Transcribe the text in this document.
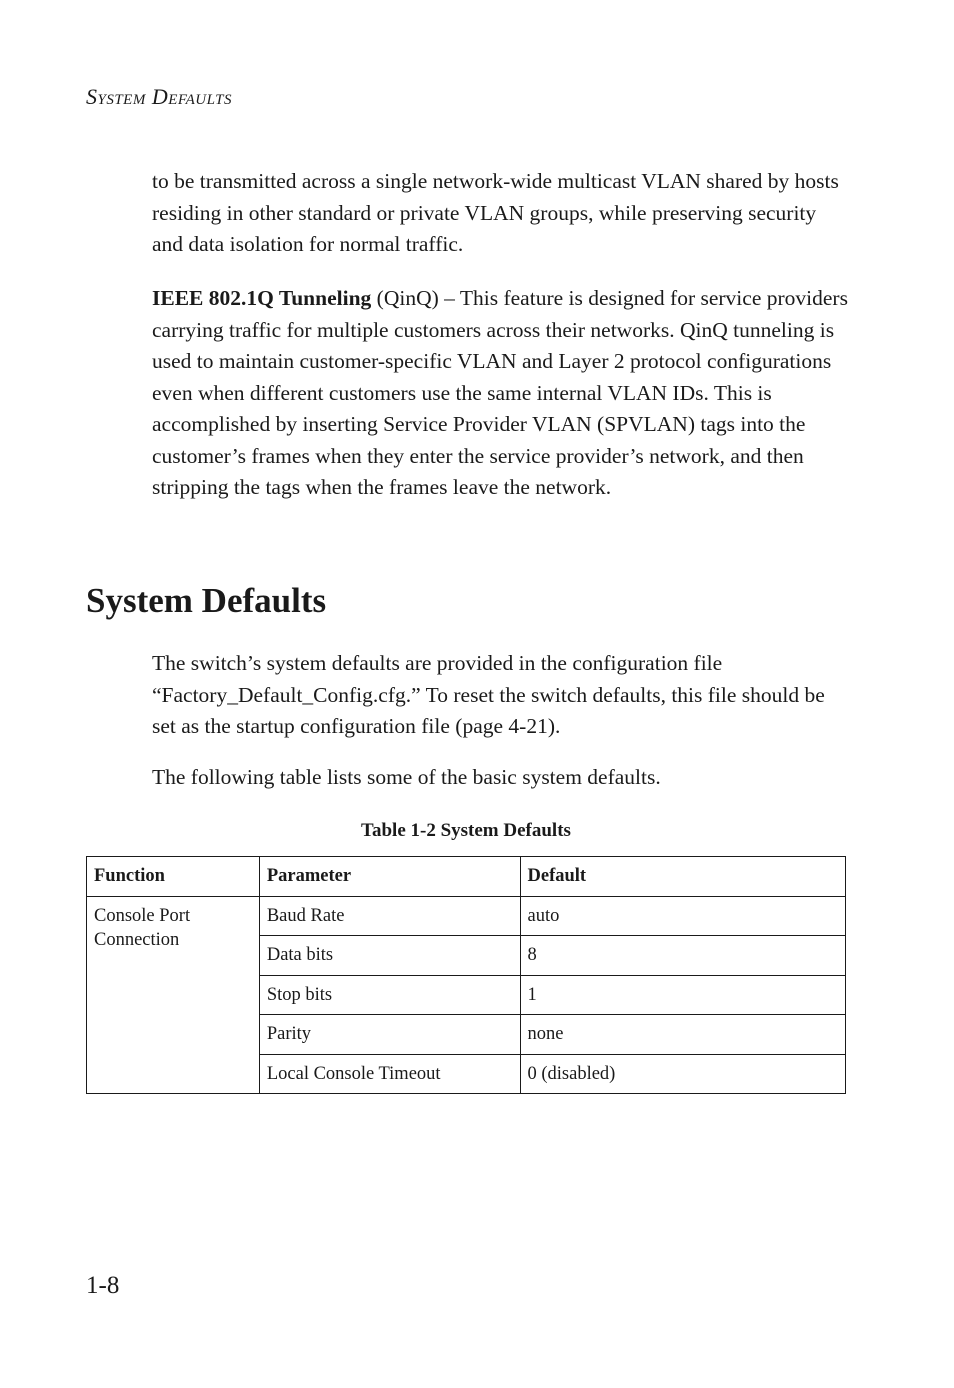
System Defaults

to be transmitted across a single network-wide multicast VLAN shared by hosts residing in other standard or private VLAN groups, while preserving security and data isolation for normal traffic.

IEEE 802.1Q Tunneling (QinQ) – This feature is designed for service providers carrying traffic for multiple customers across their networks. QinQ tunneling is used to maintain customer-specific VLAN and Layer 2 protocol configurations even when different customers use the same internal VLAN IDs. This is accomplished by inserting Service Provider VLAN (SPVLAN) tags into the customer’s frames when they enter the service provider’s network, and then stripping the tags when the frames leave the network.

System Defaults

The switch’s system defaults are provided in the configuration file “Factory_Default_Config.cfg.” To reset the switch defaults, this file should be set as the startup configuration file (page 4-21).

The following table lists some of the basic system defaults.

Table 1-2 System Defaults
Function	Parameter	Default
Console Port Connection	Baud Rate	auto
	Data bits	8
	Stop bits	1
	Parity	none
	Local Console Timeout	0 (disabled)
1-8
